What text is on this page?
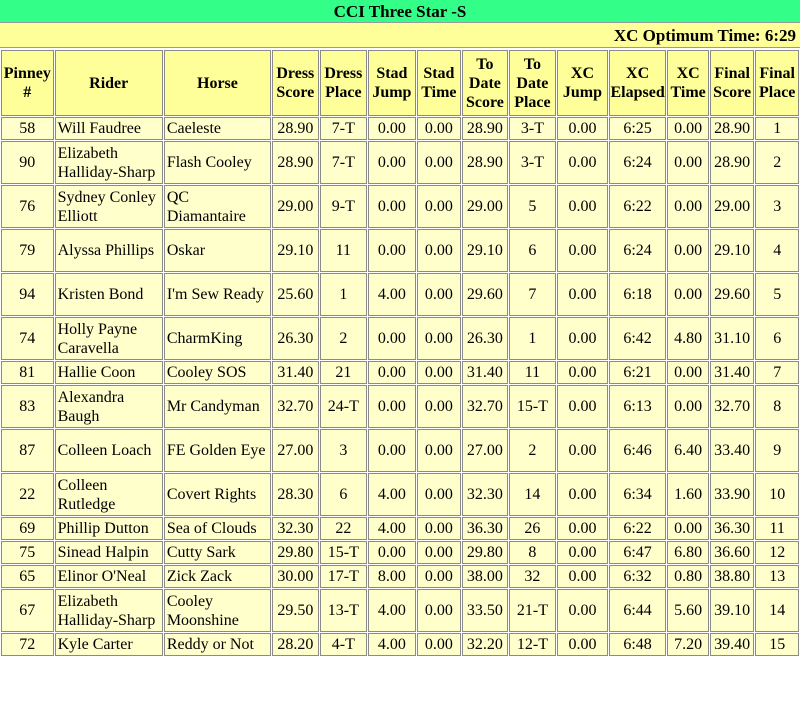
CCI Three Star -S
XC Optimum Time: 6:29
Pinney #	Rider	Horse	Dress Score	Dress Place	Stad Jump	Stad Time	To Date Score	To Date Place	XC Jump	XC Elapsed	XC Time	Final Score	Final Place
58	Will Faudree	Caeleste	28.90	7-T	0.00	0.00	28.90	3-T	0.00	6:25	0.00	28.90	1
90	Elizabeth Halliday-Sharp	Flash Cooley	28.90	7-T	0.00	0.00	28.90	3-T	0.00	6:24	0.00	28.90	2
76	Sydney Conley Elliott	QC Diamantaire	29.00	9-T	0.00	0.00	29.00	5	0.00	6:22	0.00	29.00	3
79	Alyssa Phillips	Oskar	29.10	11	0.00	0.00	29.10	6	0.00	6:24	0.00	29.10	4
94	Kristen Bond	I'm Sew Ready	25.60	1	4.00	0.00	29.60	7	0.00	6:18	0.00	29.60	5
74	Holly Payne Caravella	CharmKing	26.30	2	0.00	0.00	26.30	1	0.00	6:42	4.80	31.10	6
81	Hallie Coon	Cooley SOS	31.40	21	0.00	0.00	31.40	11	0.00	6:21	0.00	31.40	7
83	Alexandra Baugh	Mr Candyman	32.70	24-T	0.00	0.00	32.70	15-T	0.00	6:13	0.00	32.70	8
87	Colleen Loach	FE Golden Eye	27.00	3	0.00	0.00	27.00	2	0.00	6:46	6.40	33.40	9
22	Colleen Rutledge	Covert Rights	28.30	6	4.00	0.00	32.30	14	0.00	6:34	1.60	33.90	10
69	Phillip Dutton	Sea of Clouds	32.30	22	4.00	0.00	36.30	26	0.00	6:22	0.00	36.30	11
75	Sinead Halpin	Cutty Sark	29.80	15-T	0.00	0.00	29.80	8	0.00	6:47	6.80	36.60	12
65	Elinor O'Neal	Zick Zack	30.00	17-T	8.00	0.00	38.00	32	0.00	6:32	0.80	38.80	13
67	Elizabeth Halliday-Sharp	Cooley Moonshine	29.50	13-T	4.00	0.00	33.50	21-T	0.00	6:44	5.60	39.10	14
72	Kyle Carter	Reddy or Not	28.20	4-T	4.00	0.00	32.20	12-T	0.00	6:48	7.20	39.40	15
